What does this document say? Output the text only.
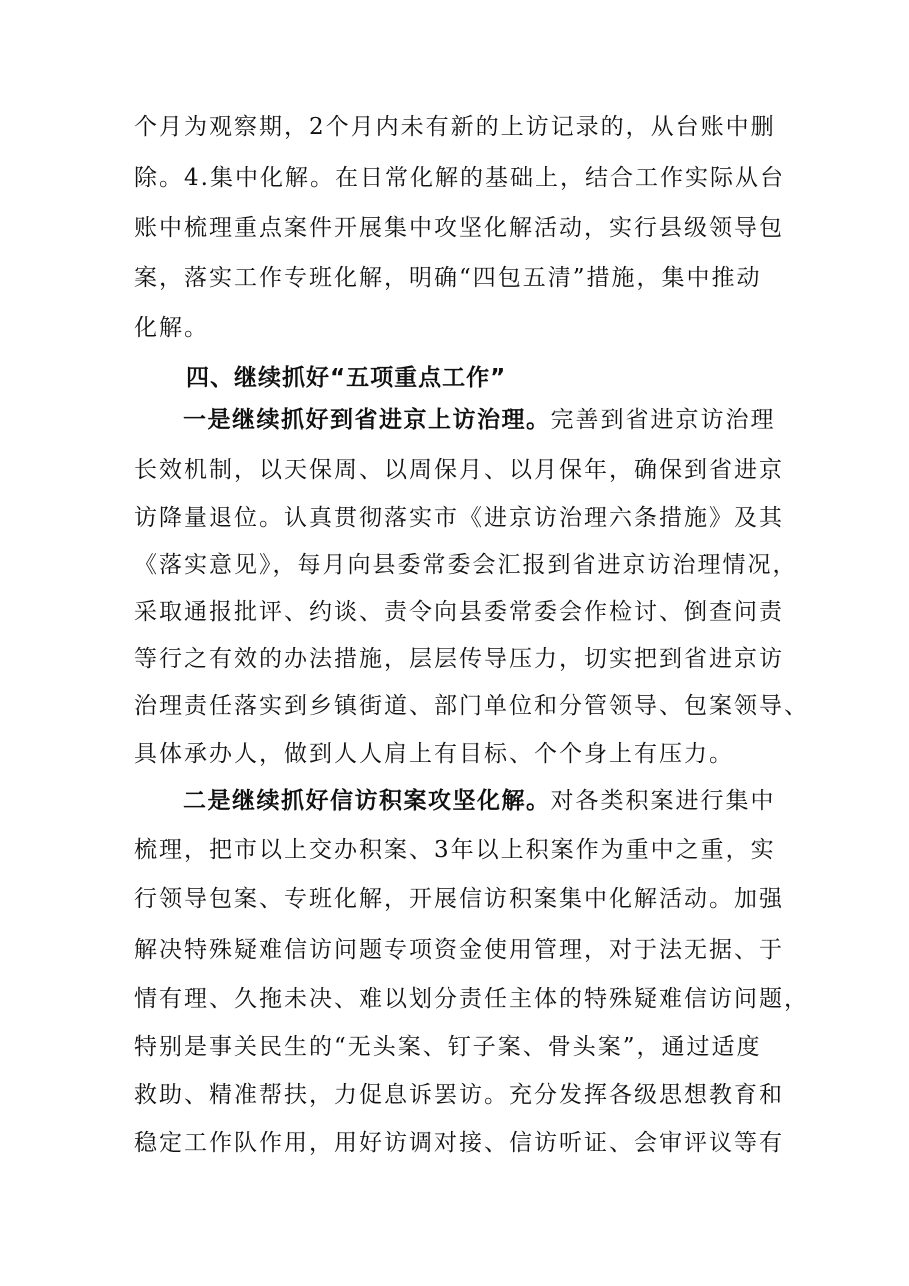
个月为观察期，2个月内未有新的上访记录的，从台账中删
除。4.集中化解。在日常化解的基础上，结合工作实际从台
账中梳理重点案件开展集中攻坚化解活动，实行县级领导包
案，落实工作专班化解，明确“四包五清”措施，集中推动
化解。
四、继续抓好“五项重点工作”
一是继续抓好到省进京上访治理。完善到省进京访治理
长效机制，以天保周、以周保月、以月保年，确保到省进京
访降量退位。认真贯彻落实市《进京访治理六条措施》及其
《落实意见》，每月向县委常委会汇报到省进京访治理情况，
采取通报批评、约谈、责令向县委常委会作检讨、倒查问责
等行之有效的办法措施，层层传导压力，切实把到省进京访
治理责任落实到乡镇街道、部门单位和分管领导、包案领导、
具体承办人，做到人人肩上有目标、个个身上有压力。
二是继续抓好信访积案攻坚化解。对各类积案进行集中
梳理，把市以上交办积案、3年以上积案作为重中之重，实
行领导包案、专班化解，开展信访积案集中化解活动。加强
解决特殊疑难信访问题专项资金使用管理，对于法无据、于
情有理、久拖未决、难以划分责任主体的特殊疑难信访问题，
特别是事关民生的“无头案、钉子案、骨头案”，通过适度
救助、精准帮扶，力促息诉罢访。充分发挥各级思想教育和
稳定工作队作用，用好访调对接、信访听证、会审评议等有
